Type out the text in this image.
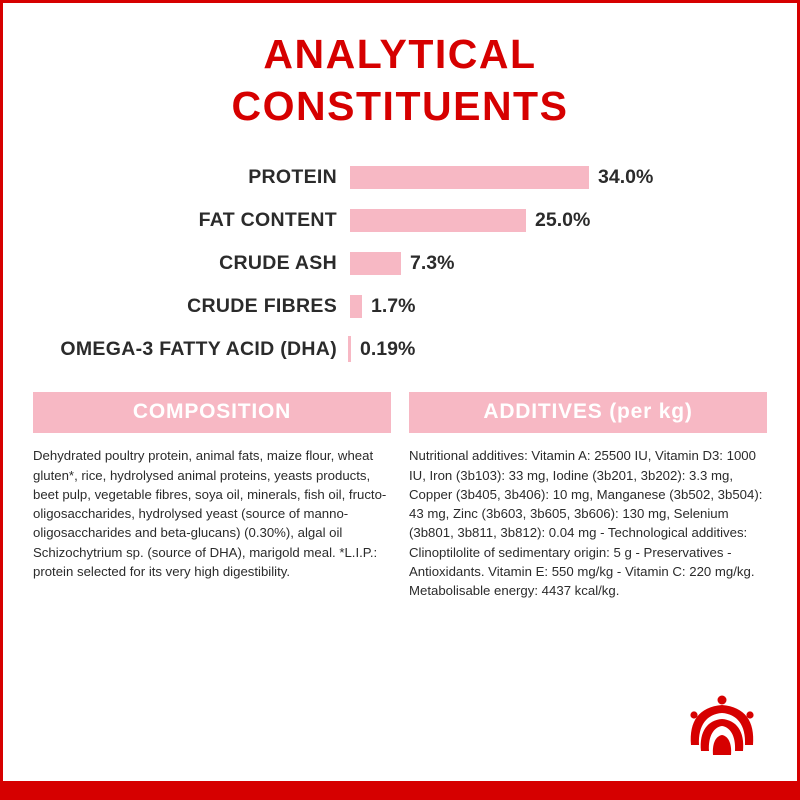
ANALYTICAL
CONSTITUENTS
PROTEIN	34.0%
FAT CONTENT	25.0%
CRUDE ASH	7.3%
CRUDE FIBRES	1.7%
OMEGA-3 FATTY ACID (DHA)	0.19%
COMPOSITION
Dehydrated poultry protein, animal fats, maize flour, wheat gluten*, rice, hydrolysed animal proteins, yeasts products, beet pulp, vegetable fibres, soya oil, minerals, fish oil, fructo-oligosaccharides, hydrolysed yeast (source of manno-oligosaccharides and beta-glucans) (0.30%), algal oil Schizochytrium sp. (source of DHA), marigold meal. *L.I.P.: protein selected for its very high digestibility.
ADDITIVES (per kg)
Nutritional additives: Vitamin A: 25500 IU, Vitamin D3: 1000 IU, Iron (3b103): 33 mg, Iodine (3b201, 3b202): 3.3 mg, Copper (3b405, 3b406): 10 mg, Manganese (3b502, 3b504): 43 mg, Zinc (3b603, 3b605, 3b606): 130 mg, Selenium (3b801, 3b811, 3b812): 0.04 mg - Technological additives: Clinoptilolite of sedimentary origin: 5 g - Preservatives - Antioxidants. Vitamin E: 550 mg/kg - Vitamin C: 220 mg/kg. Metabolisable energy: 4437 kcal/kg.
